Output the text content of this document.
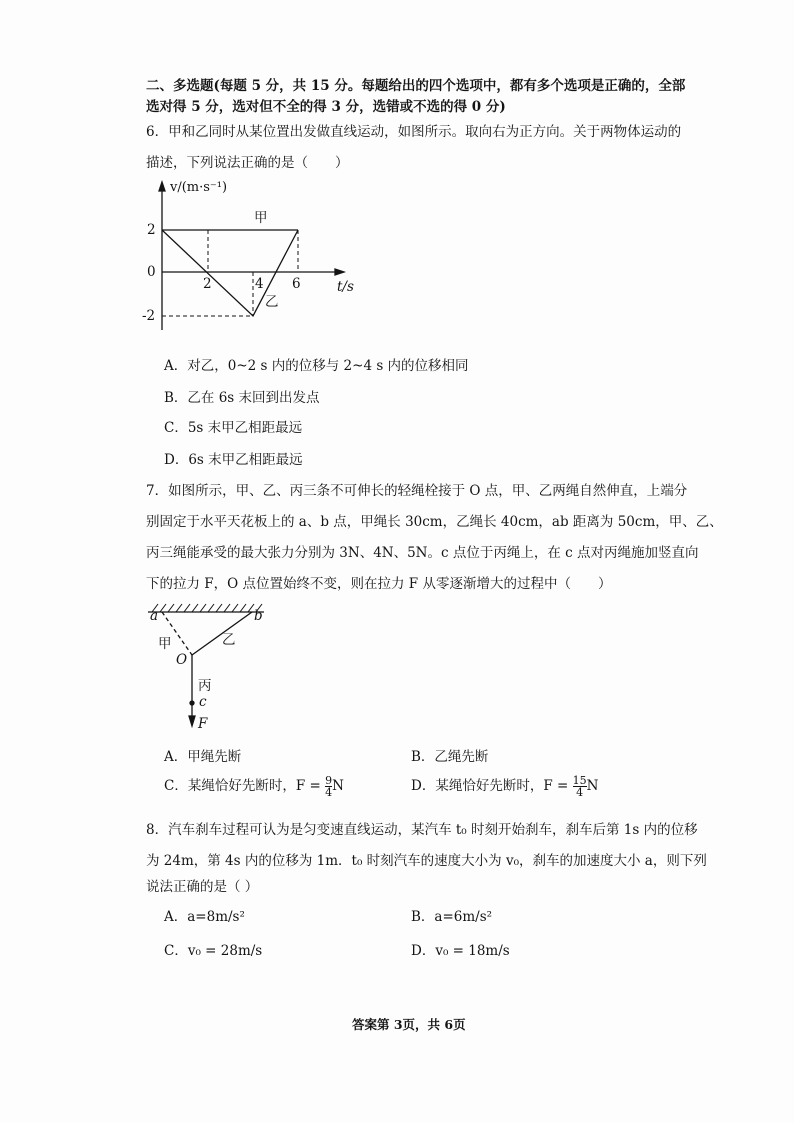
二、多选题(每题 5 分，共 15 分。每题给出的四个选项中，都有多个选项是正确的，全部
选对得 5 分，选对但不全的得 3 分，选错或不选的得 0 分)
6．甲和乙同时从某位置出发做直线运动，如图所示。取向右为正方向。关于两物体运动的
描述，下列说法正确的是（　　）
v/(m·s⁻¹)
t/s
2
0
-2
2	4 6
甲
乙
A．对乙，0~2 s 内的位移与 2~4 s 内的位移相同
B．乙在 6s 末回到出发点
C．5s 末甲乙相距最远
D．6s 末甲乙相距最远
7．如图所示，甲、乙、丙三条不可伸长的轻绳栓接于 O 点，甲、乙两绳自然伸直，上端分
别固定于水平天花板上的 a、b 点，甲绳长 30cm，乙绳长 40cm，ab 距离为 50cm，甲、乙、
丙三绳能承受的最大张力分别为 3N、4N、5N。c 点位于丙绳上，在 c 点对丙绳施加竖直向
下的拉力 F，O 点位置始终不变，则在拉力 F 从零逐渐增大的过程中（　　）
a	b
甲	乙
O
丙
c
F
A．甲绳先断	B．乙绳先断
C．某绳恰好先断时，$F = \frac{9}{4}$ N	D．某绳恰好先断时，$F = \frac{15}{4}$ N
8．汽车刹车过程可认为是匀变速直线运动，某汽车 t₀ 时刻开始刹车，刹车后第 1s 内的位移
为 24m，第 4s 内的位移为 1m．t₀ 时刻汽车的速度大小为 v₀，刹车的加速度大小 a，则下列
说法正确的是（ ）
A．a=8m/s²	B．a=6m/s²
C．v₀ = 28m/s	D．v₀ = 18m/s
答案第 3页，共 6页
